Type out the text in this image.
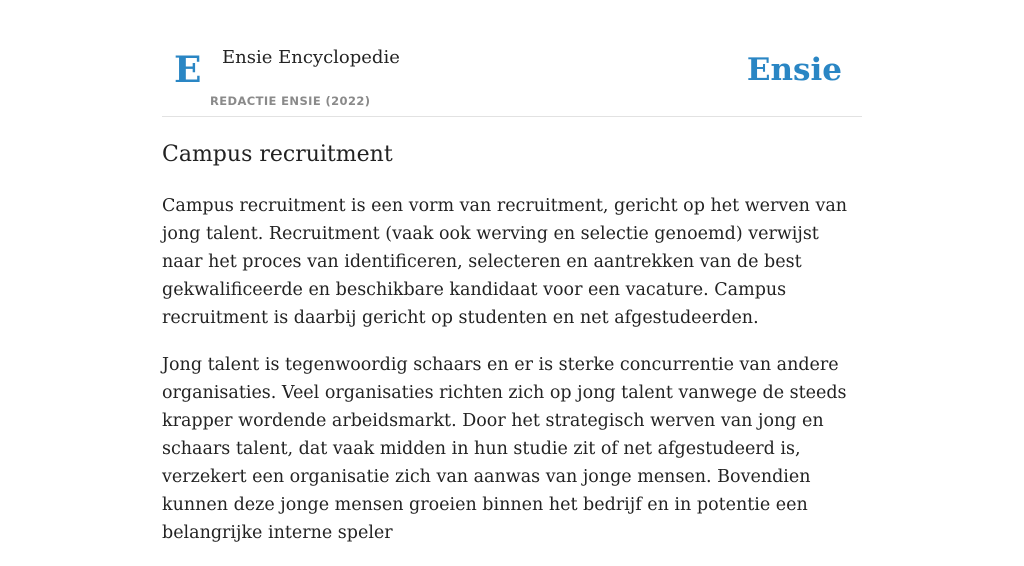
E Ensie Encyclopedie
REDACTIE ENSIE (2022)
Ensie
Campus recruitment

Campus recruitment is een vorm van recruitment, gericht op het werven van jong talent. Recruitment (vaak ook werving en selectie genoemd) verwijst naar het proces van identificeren, selecteren en aantrekken van de best gekwalificeerde en beschikbare kandidaat voor een vacature. Campus recruitment is daarbij gericht op studenten en net afgestudeerden.

Jong talent is tegenwoordig schaars en er is sterke concurrentie van andere organisaties. Veel organisaties richten zich op jong talent vanwege de steeds krapper wordende arbeidsmarkt. Door het strategisch werven van jong en schaars talent, dat vaak midden in hun studie zit of net afgestudeerd is, verzekert een organisatie zich van aanwas van jonge mensen. Bovendien kunnen deze jonge mensen groeien binnen het bedrijf en in potentie een belangrijke interne speler
